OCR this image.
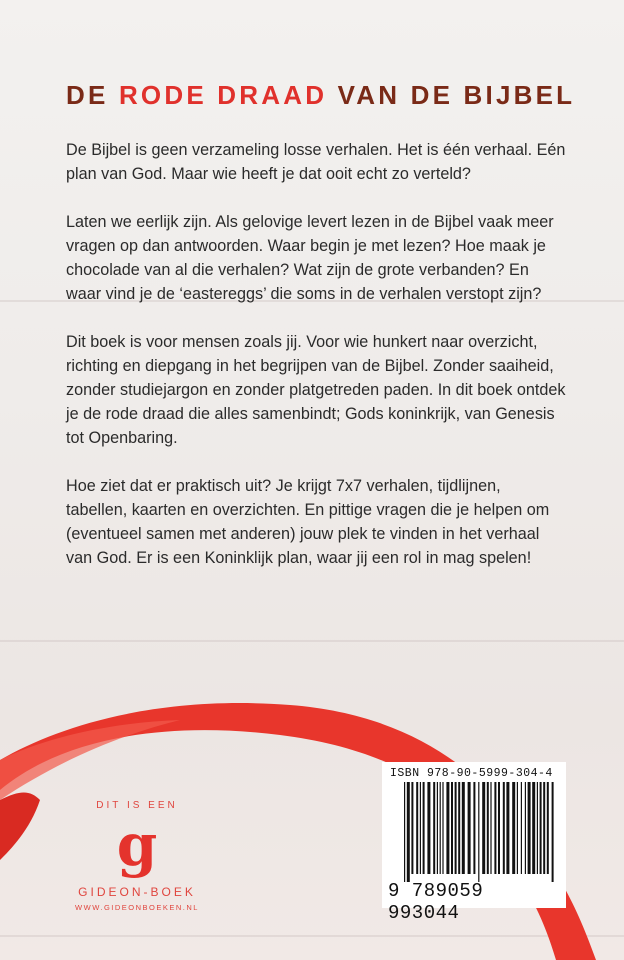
DE RODE DRAAD VAN DE BIJBEL

De Bijbel is geen verzameling losse verhalen. Het is één verhaal. Eén plan van God. Maar wie heeft je dat ooit echt zo verteld?

Laten we eerlijk zijn. Als gelovige levert lezen in de Bijbel vaak meer vragen op dan antwoorden. Waar begin je met lezen? Hoe maak je chocolade van al die verhalen? Wat zijn de grote verbanden? En waar vind je de ‘eastereggs’ die soms in de verhalen verstopt zijn?

Dit boek is voor mensen zoals jij. Voor wie hunkert naar overzicht, richting en diepgang in het begrijpen van de Bijbel. Zonder saaiheid, zonder studiejargon en zonder platgetreden paden. In dit boek ontdek je de rode draad die alles samenbindt; Gods koninkrijk, van Genesis tot Openbaring.

Hoe ziet dat er praktisch uit? Je krijgt 7x7 verhalen, tijdlijnen, tabellen, kaarten en overzichten. En pittige vragen die je helpen om (eventueel samen met anderen) jouw plek te vinden in het verhaal van God. Er is een Koninklijk plan, waar jij een rol in mag spelen!

DIT IS EEN
g
GIDEON-BOEK
WWW.GIDEONBOEKEN.NL
ISBN 978-90-5999-304-4
9 789059 993044
